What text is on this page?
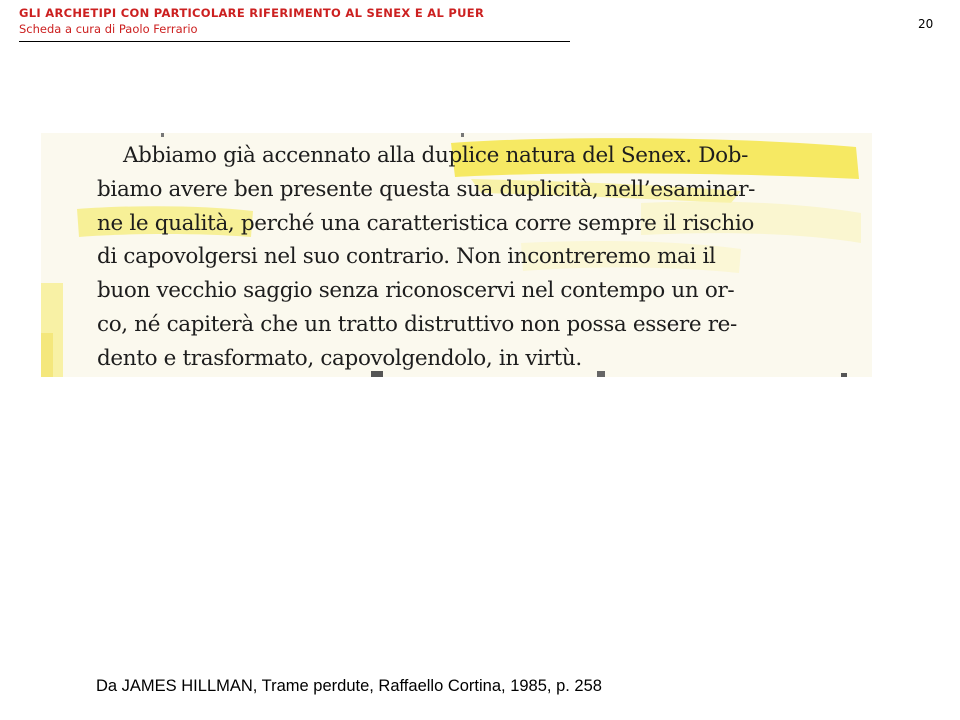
GLI ARCHETIPI CON PARTICOLARE RIFERIMENTO AL SENEX E AL PUER
Scheda a cura di Paolo Ferrario	20
Abbiamo già accennato alla duplice natura del Senex. Dob-
biamo avere ben presente questa sua duplicità, nell’esaminar-
ne le qualità, perché una caratteristica corre sempre il rischio
di capovolgersi nel suo contrario. Non incontreremo mai il
buon vecchio saggio senza riconoscervi nel contempo un or-
co, né capiterà che un tratto distruttivo non possa essere re-
dento e trasformato, capovolgendolo, in virtù.
Da JAMES HILLMAN, Trame perdute, Raffaello Cortina, 1985, p. 258
